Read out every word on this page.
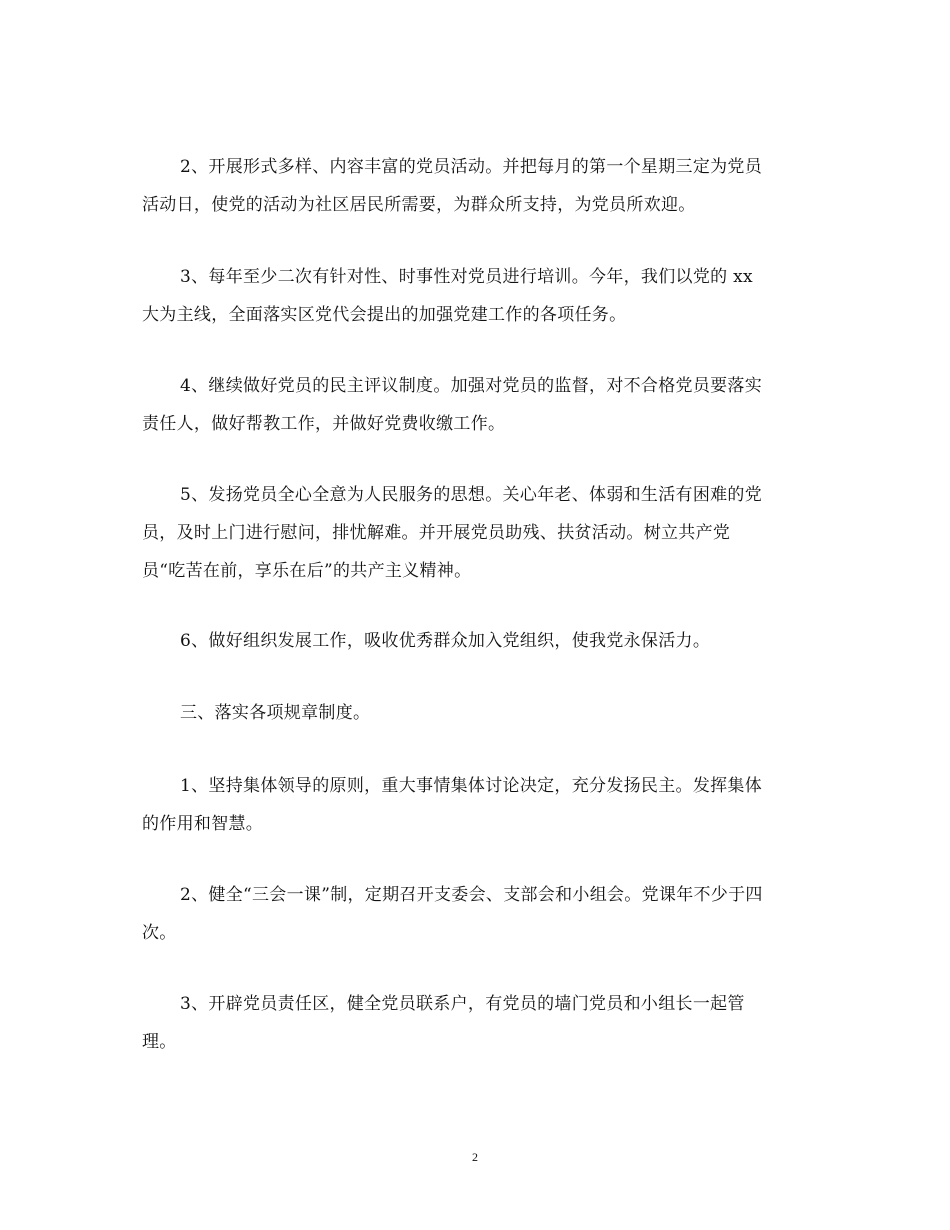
2、开展形式多样、内容丰富的党员活动。并把每月的第一个星期三定为党员
活动日，使党的活动为社区居民所需要，为群众所支持，为党员所欢迎。

3、每年至少二次有针对性、时事性对党员进行培训。今年，我们以党的 xx
大为主线，全面落实区党代会提出的加强党建工作的各项任务。

4、继续做好党员的民主评议制度。加强对党员的监督，对不合格党员要落实
责任人，做好帮教工作，并做好党费收缴工作。

5、发扬党员全心全意为人民服务的思想。关心年老、体弱和生活有困难的党
员，及时上门进行慰问，排忧解难。并开展党员助残、扶贫活动。树立共产党
员“吃苦在前，享乐在后”的共产主义精神。

6、做好组织发展工作，吸收优秀群众加入党组织，使我党永保活力。

三、落实各项规章制度。

1、坚持集体领导的原则，重大事情集体讨论决定，充分发扬民主。发挥集体
的作用和智慧。

2、健全“三会一课”制，定期召开支委会、支部会和小组会。党课年不少于四
次。

3、开辟党员责任区，健全党员联系户，有党员的墙门党员和小组长一起管
理。

2
